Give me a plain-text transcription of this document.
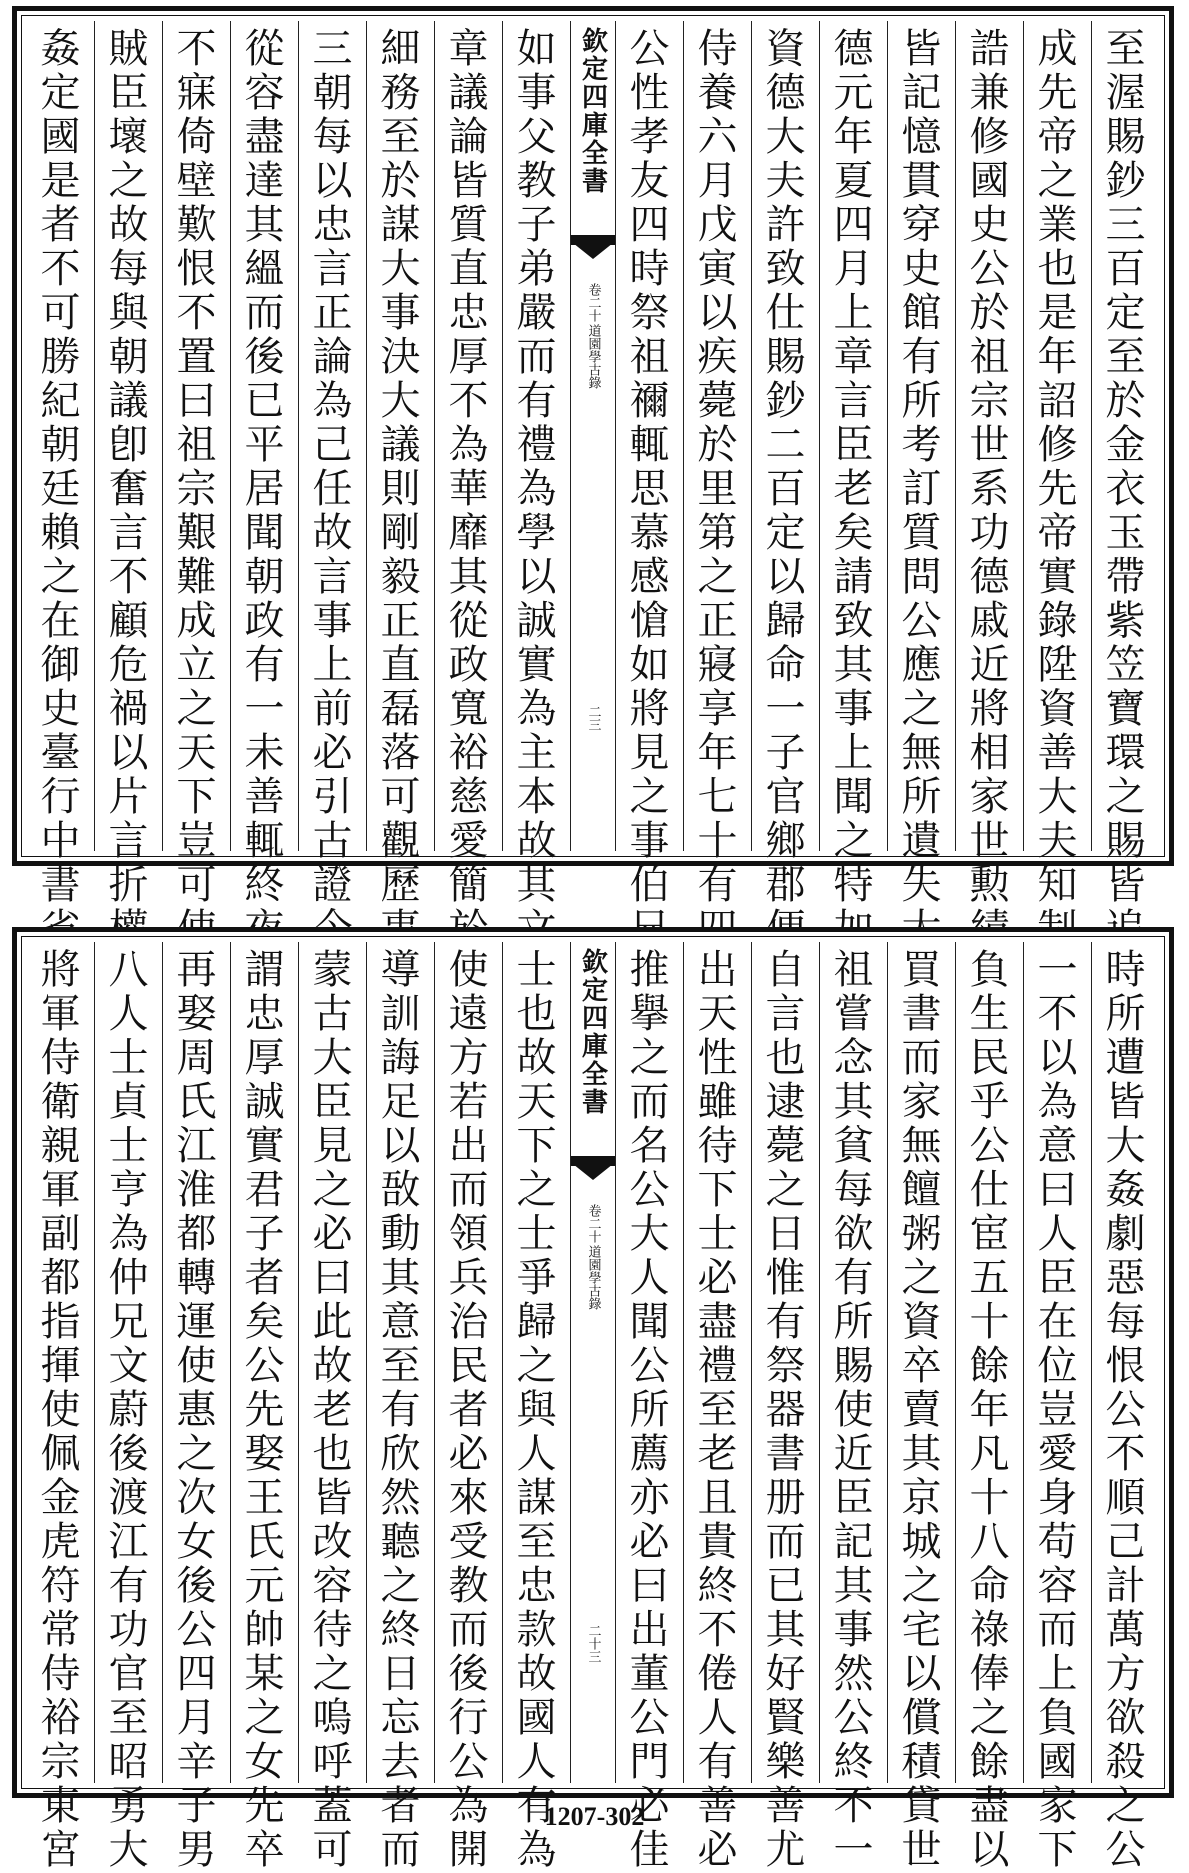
至
渥
賜
鈔
三
百
定
至
於
金
衣
玉
帶
紫
笠
寶
環
之
賜
皆
成
先
帝
之
業
也
是
年
詔
修
先
帝
實
錄
陞
資
善
大
夫
知
誥
兼
修
國
史
公
於
祖
宗
世
系
功
德
戚
近
將
相
家
世
勲
皆
記
憶
貫
穿
史
館
有
所
考
訂
質
問
公
應
之
無
所
遺
失
德
元
年
夏
四
月
上
章
言
臣
老
矣
請
致
其
事
上
聞
之
特
資
德
大
夫
許
致
仕
賜
鈔
二
百
定
以
歸
命
一
子
官
鄉
郡
侍
養
六
月
戊
寅
以
疾
薨
於
里
第
之
正
寢
享
年
七
十
有
公
性
孝
友
四
時
祭
祖
禰
輒
思
慕
感
愴
如
將
見
之
事
伯
欽定四庫全書
道園學古錄
卷二十
二三
如
事
父
教
子
弟
嚴
而
有
禮
為
學
以
誠
實
為
主
本
故
其
章
議
論
皆
質
直
忠
厚
不
為
華
靡
其
從
政
寬
裕
慈
愛
簡
細
務
至
於
謀
大
事
決
大
議
則
剛
毅
正
直
磊
落
可
觀
歷
三
朝
每
以
忠
言
正
論
為
己
任
故
言
事
上
前
必
引
古
證
從
容
盡
達
其
縕
而
後
已
平
居
聞
朝
政
有
一
未
善
輒
終
不
寐
倚
壁
歎
恨
不
置
曰
祖
宗
艱
難
成
立
之
天
下
豈
可
賊
臣
壞
之
故
每
與
朝
議
卽
奮
言
不
顧
危
禍
以
片
言
折
姦
定
國
是
者
不
可
勝
紀
朝
廷
賴
之
在
御
史
臺
行
中
書
時
所
遭
皆
大
姦
劇
惡
每
恨
公
不
順
己
計
萬
方
欲
殺
之
公
一
不
以
為
意
曰
人
臣
在
位
豈
愛
身
苟
容
而
上
負
國
家
下
負
生
民
乎
公
仕
宦
五
十
餘
年
凡
十
八
命
祿
俸
之
餘
盡
以
買
書
而
家
無
饘
粥
之
資
卒
賣
其
京
城
之
宅
以
償
積
貸
世
祖
嘗
念
其
貧
每
欲
有
所
賜
使
近
臣
記
其
事
然
公
終
不
一
自
言
也
逮
薨
之
日
惟
有
祭
器
書
册
而
已
其
好
賢
樂
善
尤
出
天
性
雖
待
下
士
必
盡
禮
至
老
且
貴
終
不
倦
人
有
善
必
推
擧
之
而
名
公
大
人
聞
公
所
薦
亦
必
曰
出
董
公
門
必
佳
欽定四庫全書
道園學古錄
卷二十
二十三
士
也
故
天
下
之
士
爭
歸
之
與
人
謀
至
忠
款
故
國
人
有
為
使
遠
方
若
出
而
領
兵
治
民
者
必
來
受
教
而
後
行
公
為
開
導
訓
誨
足
以
敔
動
其
意
至
有
欣
然
聽
之
終
日
忘
去
者
而
蒙
古
大
臣
見
之
必
曰
此
故
老
也
皆
改
容
待
之
嗚
呼
蓋
可
謂
忠
厚
誠
實
君
子
者
矣
公
先
娶
王
氏
元
帥
某
之
女
先
卒
再
娶
周
氏
江
淮
都
轉
運
使
惠
之
次
女
後
公
四
月
辛
子
男
八
人
士
貞
士
亨
為
仲
兄
文
蔚
後
渡
江
有
功
官
至
昭
勇
大
將
軍
侍
衛
親
軍
副
都
指
揮
使
佩
金
虎
符
常
侍
裕
宗
東
宮
1207-302
